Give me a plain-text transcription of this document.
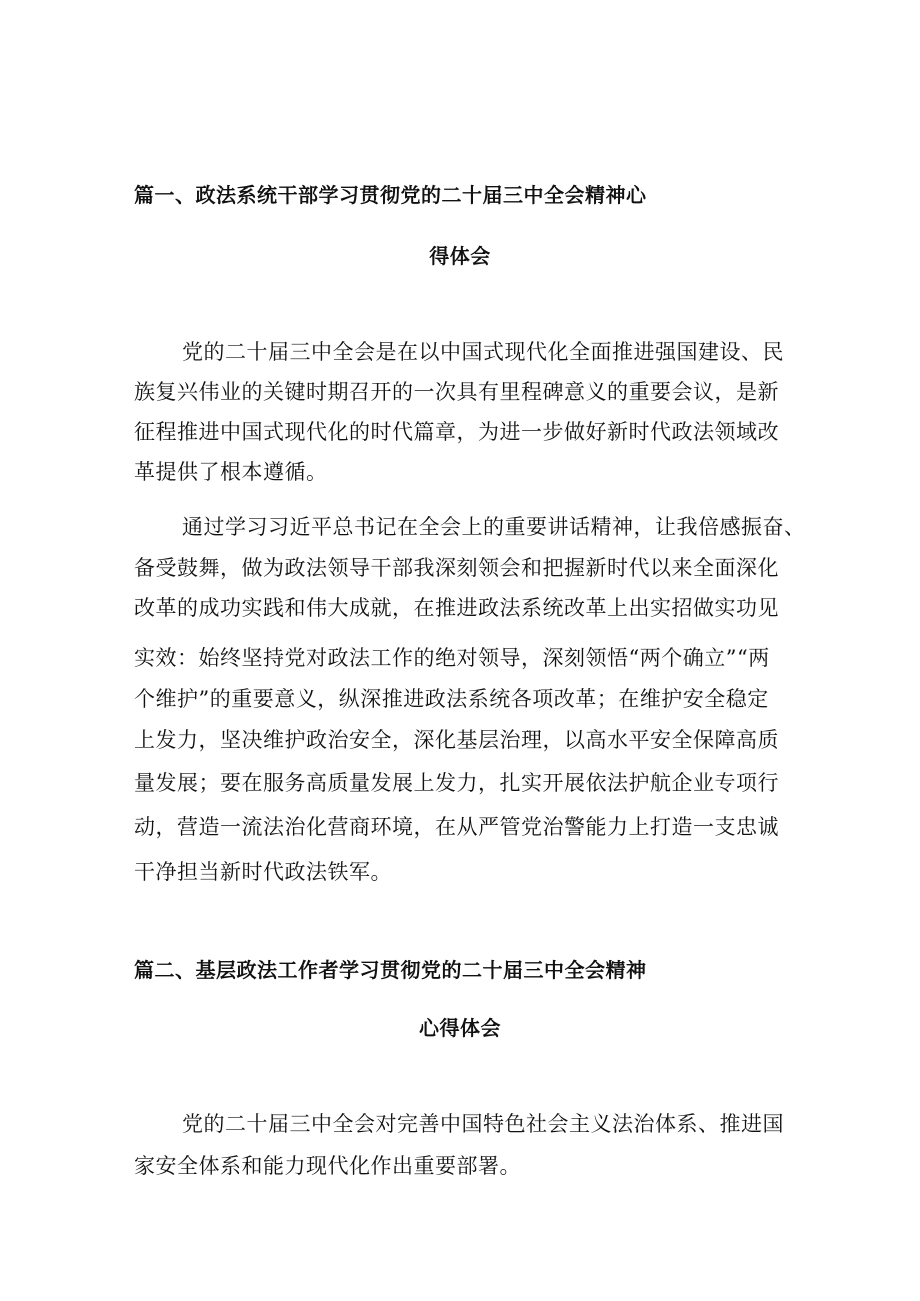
篇一、政法系统干部学习贯彻党的二十届三中全会精神心
得体会
党的二十届三中全会是在以中国式现代化全面推进强国建设、民
族复兴伟业的关键时期召开的一次具有里程碑意义的重要会议，是新
征程推进中国式现代化的时代篇章，为进一步做好新时代政法领域改
革提供了根本遵循。
通过学习习近平总书记在全会上的重要讲话精神，让我倍感振奋、
备受鼓舞，做为政法领导干部我深刻领会和把握新时代以来全面深化
改革的成功实践和伟大成就，在推进政法系统改革上出实招做实功见
实效：始终坚持党对政法工作的绝对领导，深刻领悟“两个确立”“两
个维护”的重要意义，纵深推进政法系统各项改革；在维护安全稳定
上发力，坚决维护政治安全，深化基层治理，以高水平安全保障高质
量发展；要在服务高质量发展上发力，扎实开展依法护航企业专项行
动，营造一流法治化营商环境，在从严管党治警能力上打造一支忠诚
干净担当新时代政法铁军。
篇二、基层政法工作者学习贯彻党的二十届三中全会精神
心得体会
党的二十届三中全会对完善中国特色社会主义法治体系、推进国
家安全体系和能力现代化作出重要部署。
